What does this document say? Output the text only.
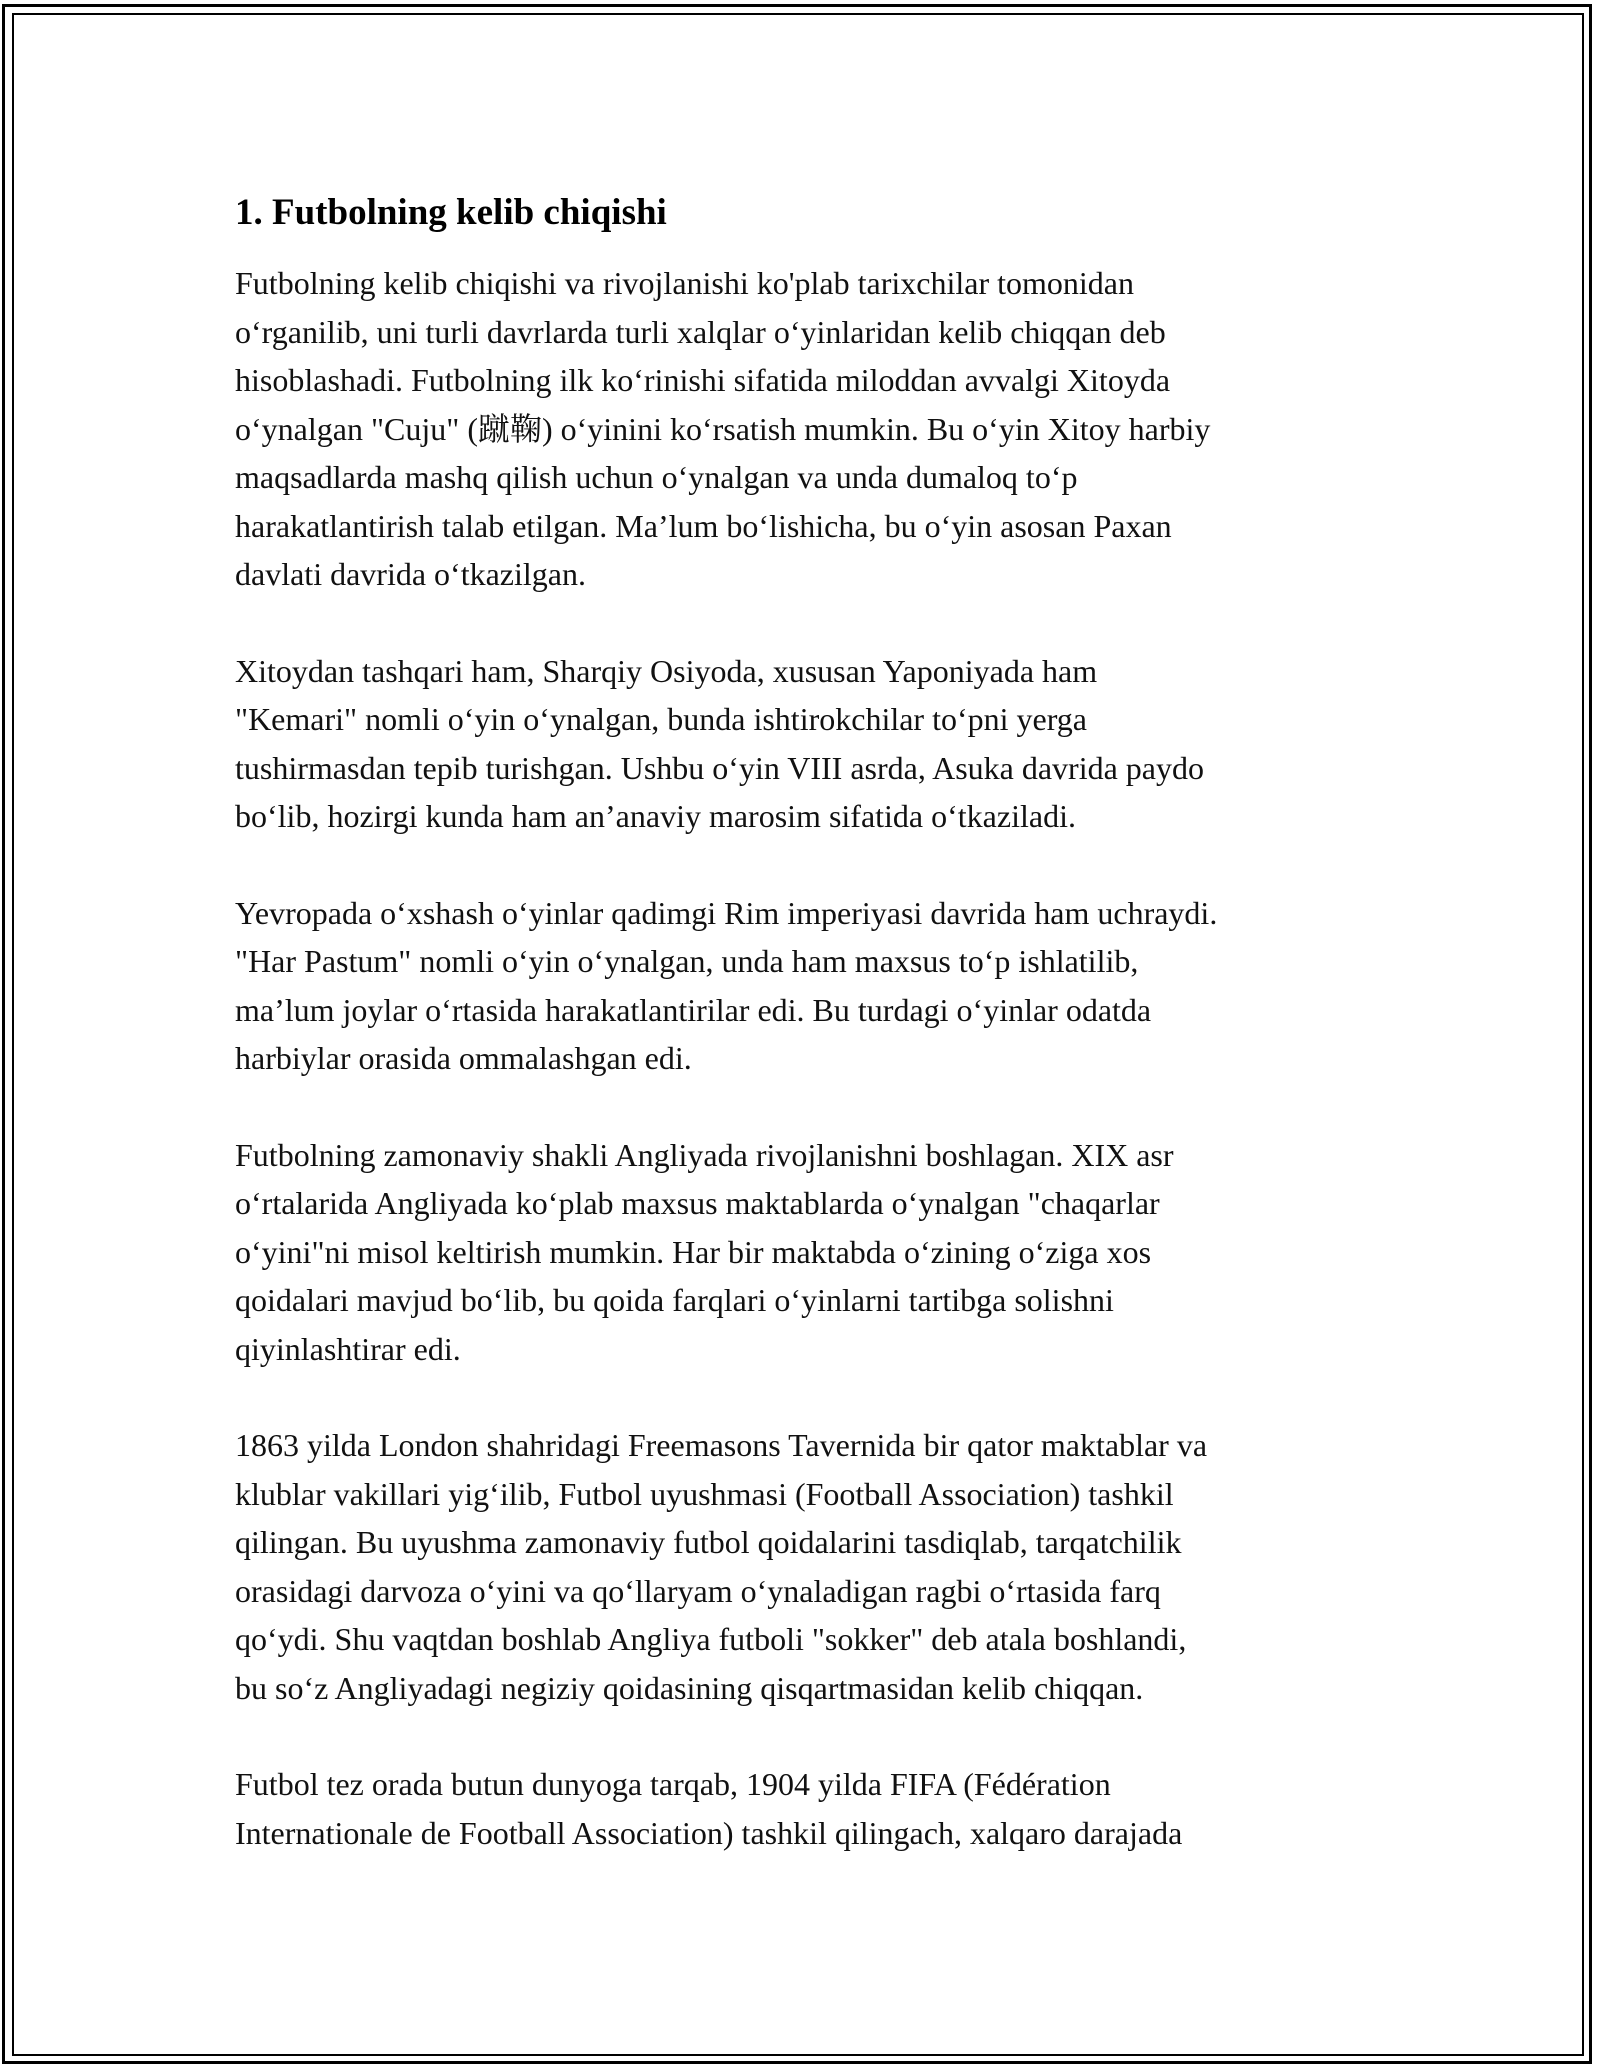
1. Futbolning kelib chiqishi
Futbolning kelib chiqishi va rivojlanishi ko'plab tarixchilar tomonidan
o‘rganilib, uni turli davrlarda turli xalqlar o‘yinlaridan kelib chiqqan deb
hisoblashadi. Futbolning ilk ko‘rinishi sifatida miloddan avvalgi Xitoyda
o‘ynalgan "Cuju" (蹴鞠) o‘yinini ko‘rsatish mumkin. Bu o‘yin Xitoy harbiy
maqsadlarda mashq qilish uchun o‘ynalgan va unda dumaloq to‘p
harakatlantirish talab etilgan. Ma’lum bo‘lishicha, bu o‘yin asosan Paxan
davlati davrida o‘tkazilgan.
Xitoydan tashqari ham, Sharqiy Osiyoda, xususan Yaponiyada ham
"Kemari" nomli o‘yin o‘ynalgan, bunda ishtirokchilar to‘pni yerga
tushirmasdan tepib turishgan. Ushbu o‘yin VIII asrda, Asuka davrida paydo
bo‘lib, hozirgi kunda ham an’anaviy marosim sifatida o‘tkaziladi.
Yevropada o‘xshash o‘yinlar qadimgi Rim imperiyasi davrida ham uchraydi.
"Har Pastum" nomli o‘yin o‘ynalgan, unda ham maxsus to‘p ishlatilib,
ma’lum joylar o‘rtasida harakatlantirilar edi. Bu turdagi o‘yinlar odatda
harbiylar orasida ommalashgan edi.
Futbolning zamonaviy shakli Angliyada rivojlanishni boshlagan. XIX asr
o‘rtalarida Angliyada ko‘plab maxsus maktablarda o‘ynalgan "chaqarlar
o‘yini"ni misol keltirish mumkin. Har bir maktabda o‘zining o‘ziga xos
qoidalari mavjud bo‘lib, bu qoida farqlari o‘yinlarni tartibga solishni
qiyinlashtirar edi.
1863 yilda London shahridagi Freemasons Tavernida bir qator maktablar va
klublar vakillari yig‘ilib, Futbol uyushmasi (Football Association) tashkil
qilingan. Bu uyushma zamonaviy futbol qoidalarini tasdiqlab, tarqatchilik
orasidagi darvoza o‘yini va qo‘llaryam o‘ynaladigan ragbi o‘rtasida farq
qo‘ydi. Shu vaqtdan boshlab Angliya futboli "sokker" deb atala boshlandi,
bu so‘z Angliyadagi negiziy qoidasining qisqartmasidan kelib chiqqan.
Futbol tez orada butun dunyoga tarqab, 1904 yilda FIFA (Fédération
Internationale de Football Association) tashkil qilingach, xalqaro darajada
